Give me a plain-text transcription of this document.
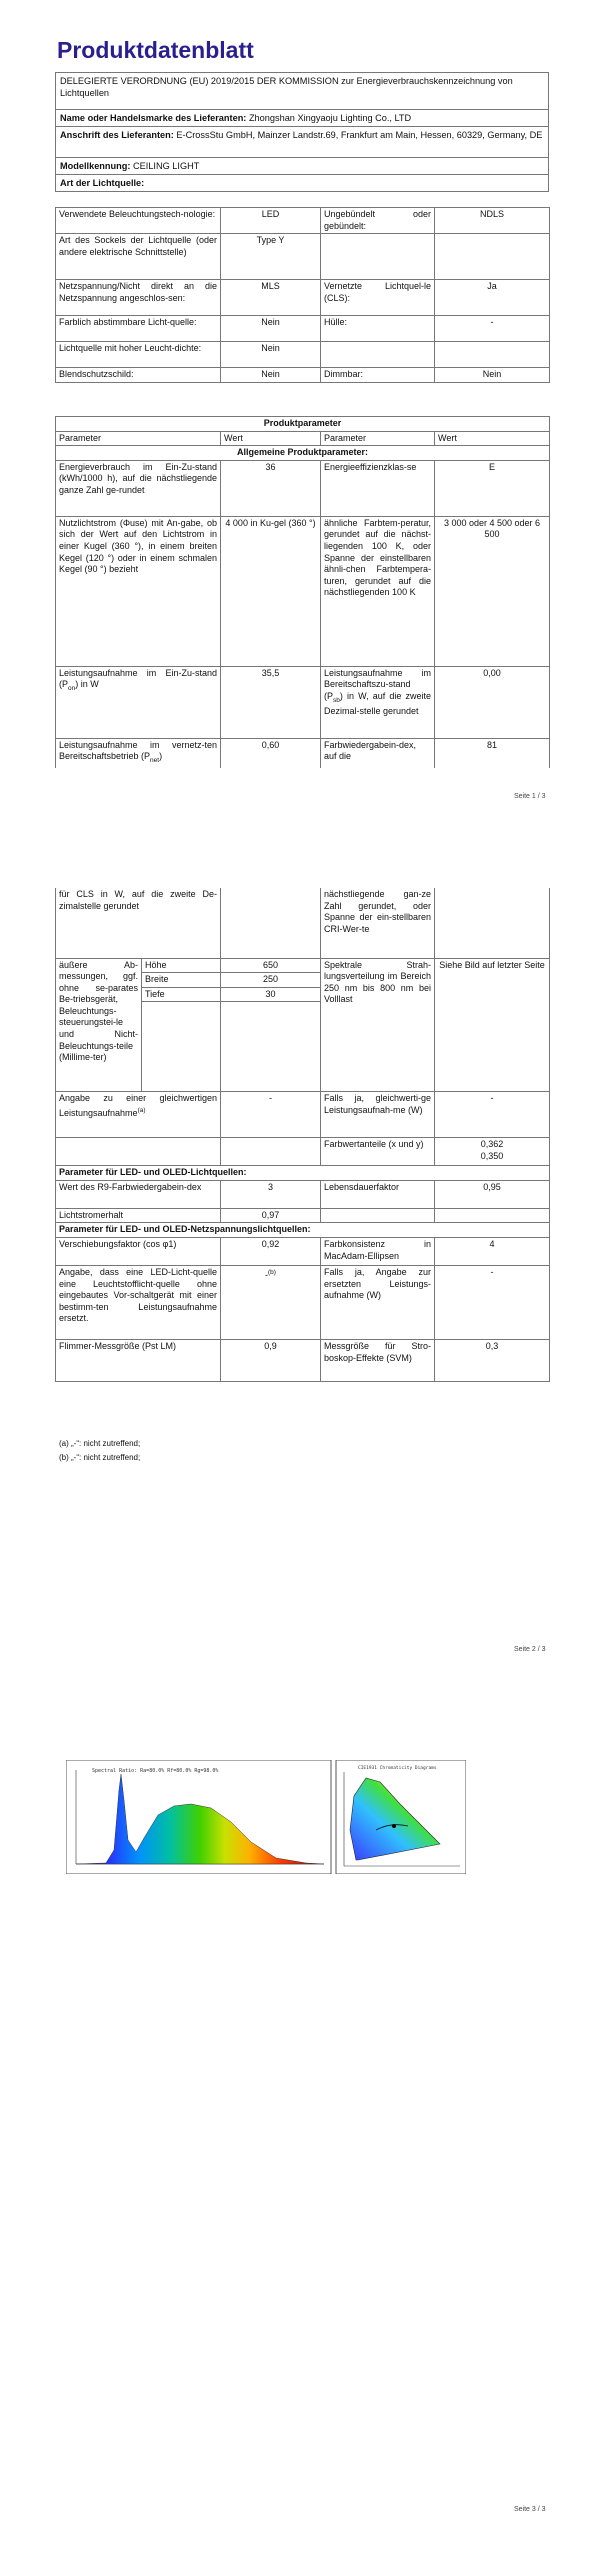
Produktdatenblatt
DELEGIERTE VERORDNUNG (EU) 2019/2015 DER KOMMISSION zur Energieverbrauchskennzeichnung von Lichtquellen
Name oder Handelsmarke des Lieferanten: Zhongshan Xingyaoju Lighting Co., LTD
Anschrift des Lieferanten: E-CrossStu GmbH, Mainzer Landstr.69, Frankfurt am Main, Hessen, 60329, Germany, DE
Modellkennung: CEILING LIGHT
Art der Lichtquelle:
Verwendete Beleuchtungstech-nologie:	LED	Ungebündelt oder gebündelt:	NDLS
Art des Sockels der Lichtquelle (oder andere elektrische Schnittstelle)	Type Y		
Netzspannung/Nicht direkt an die Netzspannung angeschlos-sen:	MLS	Vernetzte Lichtquel-le (CLS):	Ja
Farblich abstimmbare Licht-quelle:	Nein	Hülle:	-
Lichtquelle mit hoher Leucht-dichte:	Nein		
Blendschutzschild:	Nein	Dimmbar:	Nein
Produktparameter			
Parameter	Wert	Parameter	Wert
Allgemeine Produktparameter:			
Energieverbrauch im Ein-Zu-stand (kWh/1000 h), auf die nächstliegende ganze Zahl ge-rundet	36	Energieeffizienzklas-se	E
Nutzlichtstrom (Φuse) mit An-gabe, ob sich der Wert auf den Lichtstrom in einer Kugel (360 °), in einem breiten Kegel (120 °) oder in einem schmalen Kegel (90 °) bezieht	4 000 in Ku-gel (360 °)	ähnliche Farbtem-peratur, gerundet auf die nächst-liegenden 100 K, oder Spanne der einstellbaren ähnli-chen Farbtempera-turen, gerundet auf die nächstliegenden 100 K	3 000 oder 4 500 oder 6 500
Leistungsaufnahme im Ein-Zu-stand $(P_{on})$ in W	35,5	Leistungsaufnahme im Bereitschaftszu-stand $(P_{sb})$ in W, auf die zweite Dezimal-stelle gerundet	0,00
Leistungsaufnahme im vernetz-ten Bereitschaftsbetrieb $(P_{net})$	0,60	Farbwiedergabein-dex, auf die	81
Seite 1 / 3
für CLS in W, auf die zweite De-zimalstelle gerundet			nächstliegende gan-ze Zahl gerundet, oder Spanne der ein-stellbaren CRI-Wer-te	
äußere Ab-messungen, ggf. ohne se-parates Be-triebsgerät, Beleuchtungs-steuerungstei-le und Nicht-Beleuchtungs-teile (Millime-ter)	Höhe	650	Spektrale Strah-lungsverteilung im Bereich 250 nm bis 800 nm bei Volllast	Siehe Bild auf letzter Seite
	Breite	250		
	Tiefe	30		

Angabe zu einer gleichwertigen Leistungsaufnahme$^{(a)}$		-	Falls ja, gleichwerti-ge Leistungsaufnah-me (W)	-
			Farbwertanteile (x und y)	0,362
0,350

Parameter für LED- und OLED-Lichtquellen:				
Wert des R9-Farbwiedergabein-dex		3	Lebensdauerfaktor	0,95
Lichtstromerhalt		0,97		
Parameter für LED- und OLED-Netzspannungslichtquellen:				
Verschiebungsfaktor (cos φ1)		0,92	Farbkonsistenz in MacAdam-Ellipsen	4
Angabe, dass eine LED-Licht-quelle eine Leuchtstofflicht-quelle ohne eingebautes Vor-schaltgerät mit einer bestimm-ten Leistungsaufnahme ersetzt.		-$^{(b)}$	Falls ja, Angabe zur ersetzten Leistungs-aufnahme (W)	-
Flimmer-Messgröße (Pst LM)		0,9	Messgröße für Stro-boskop-Effekte (SVM)	0,3
(a) „-“: nicht zutreffend;
(b) „-“: nicht zutreffend;
Seite 2 / 3
Spectral Ratio: Ra=80.0% Rf=80.0% Rg=98.0%	CIE1931 Chromaticity Diagrams
Seite 3 / 3
